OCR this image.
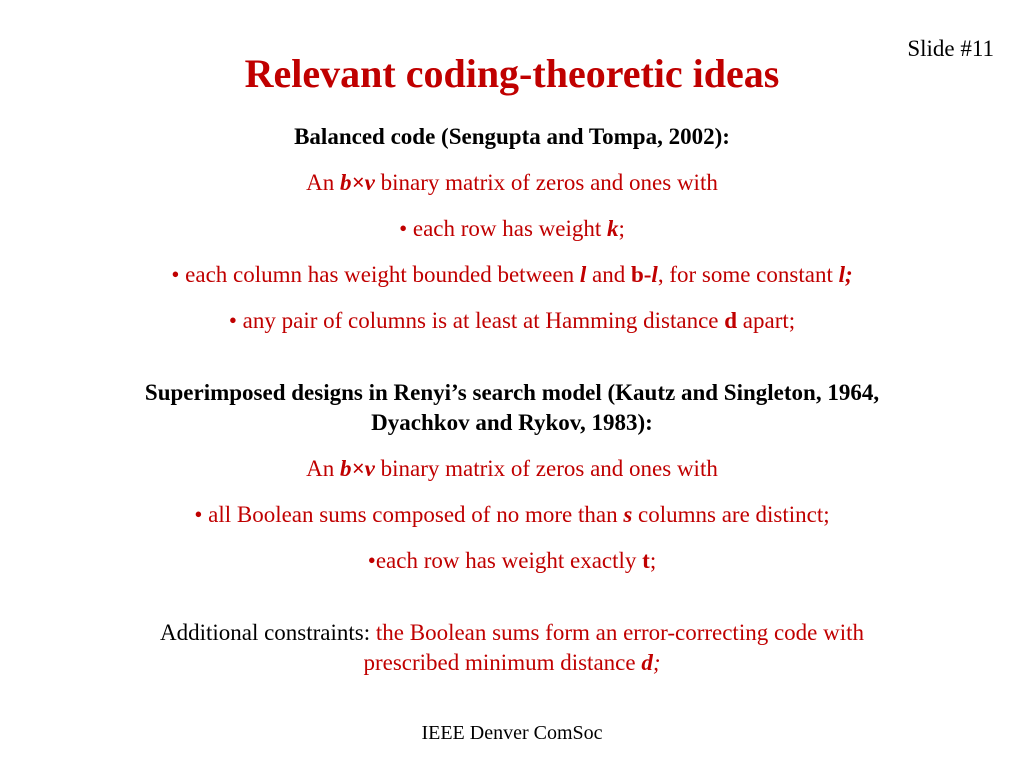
Slide #11
Relevant coding-theoretic ideas
Balanced code (Sengupta and Tompa, 2002):
An b×v binary matrix of zeros and ones with
• each row has weight k;
• each column has weight bounded between l and b-l, for some constant l;
• any pair of columns is at least at Hamming distance d apart;
Superimposed designs in Renyi’s search model (Kautz and Singleton, 1964,
Dyachkov and Rykov, 1983):
An b×v binary matrix of zeros and ones with
• all Boolean sums composed of no more than s columns are distinct;
•each row has weight exactly t;
Additional constraints: the Boolean sums form an error-correcting code with
prescribed minimum distance d;
IEEE Denver ComSoc
